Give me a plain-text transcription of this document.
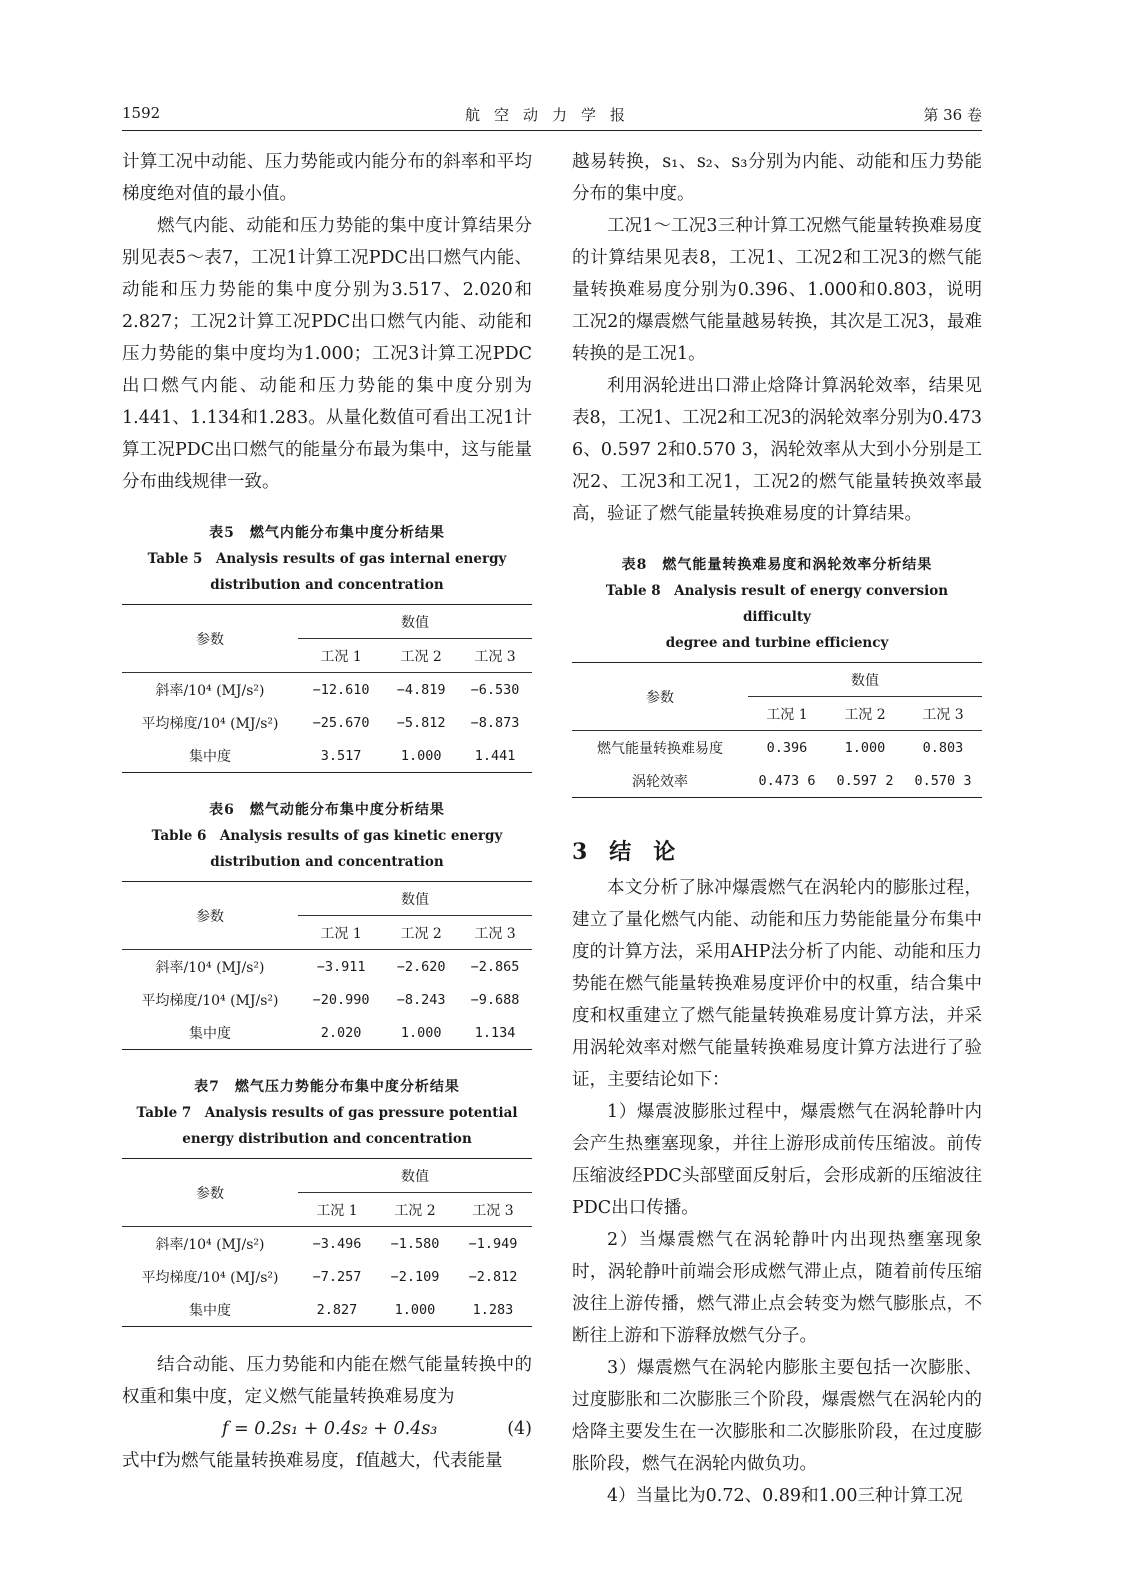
1592	航空动力学报	第 36 卷

计算工况中动能、压力势能或内能分布的斜率和平均梯度绝对值的最小值。

燃气内能、动能和压力势能的集中度计算结果分别见表5～表7，工况1计算工况PDC出口燃气内能、动能和压力势能的集中度分别为3.517、2.020和2.827；工况2计算工况PDC出口燃气内能、动能和压力势能的集中度均为1.000；工况3计算工况PDC出口燃气内能、动能和压力势能的集中度分别为1.441、1.134和1.283。从量化数值可看出工况1计算工况PDC出口燃气的能量分布最为集中，这与能量分布曲线规律一致。

表5　燃气内能分布集中度分析结果

Table 5　Analysis results of gas internal energy

distribution and concentration

参数	数值		
	工况 1	工况 2	工况 3
斜率/10⁴ (MJ/s²)	−12.610	−4.819	−6.530
平均梯度/10⁴ (MJ/s²)	−25.670	−5.812	−8.873
集中度	3.517	1.000	1.441

表6　燃气动能分布集中度分析结果

Table 6　Analysis results of gas kinetic energy

distribution and concentration

参数	数值		
	工况 1	工况 2	工况 3
斜率/10⁴ (MJ/s²)	−3.911	−2.620	−2.865
平均梯度/10⁴ (MJ/s²)	−20.990	−8.243	−9.688
集中度	2.020	1.000	1.134

表7　燃气压力势能分布集中度分析结果

Table 7　Analysis results of gas pressure potential

energy distribution and concentration

参数	数值		
	工况 1	工况 2	工况 3
斜率/10⁴ (MJ/s²)	−3.496	−1.580	−1.949
平均梯度/10⁴ (MJ/s²)	−7.257	−2.109	−2.812
集中度	2.827	1.000	1.283

结合动能、压力势能和内能在燃气能量转换中的权重和集中度，定义燃气能量转换难易度为

f = 0.2s₁ + 0.4s₂ + 0.4s₃	(4)

式中f为燃气能量转换难易度，f值越大，代表能量

越易转换，s₁、s₂、s₃分别为内能、动能和压力势能分布的集中度。

工况1～工况3三种计算工况燃气能量转换难易度的计算结果见表8，工况1、工况2和工况3的燃气能量转换难易度分别为0.396、1.000和0.803，说明工况2的爆震燃气能量越易转换，其次是工况3，最难转换的是工况1。

利用涡轮进出口滞止焓降计算涡轮效率，结果见表8，工况1、工况2和工况3的涡轮效率分别为0.473 6、0.597 2和0.570 3，涡轮效率从大到小分别是工况2、工况3和工况1，工况2的燃气能量转换效率最高，验证了燃气能量转换难易度的计算结果。

表8　燃气能量转换难易度和涡轮效率分析结果

Table 8　Analysis result of energy conversion difficulty

degree and turbine efficiency

参数	数值		
	工况 1	工况 2	工况 3
燃气能量转换难易度	0.396	1.000	0.803
涡轮效率	0.473 6	0.597 2	0.570 3

3　结　论

本文分析了脉冲爆震燃气在涡轮内的膨胀过程，建立了量化燃气内能、动能和压力势能能量分布集中度的计算方法，采用AHP法分析了内能、动能和压力势能在燃气能量转换难易度评价中的权重，结合集中度和权重建立了燃气能量转换难易度计算方法，并采用涡轮效率对燃气能量转换难易度计算方法进行了验证，主要结论如下：

1）爆震波膨胀过程中，爆震燃气在涡轮静叶内会产生热壅塞现象，并往上游形成前传压缩波。前传压缩波经PDC头部壁面反射后，会形成新的压缩波往PDC出口传播。

2）当爆震燃气在涡轮静叶内出现热壅塞现象时，涡轮静叶前端会形成燃气滞止点，随着前传压缩波往上游传播，燃气滞止点会转变为燃气膨胀点，不断往上游和下游释放燃气分子。

3）爆震燃气在涡轮内膨胀主要包括一次膨胀、过度膨胀和二次膨胀三个阶段，爆震燃气在涡轮内的焓降主要发生在一次膨胀和二次膨胀阶段，在过度膨胀阶段，燃气在涡轮内做负功。

4）当量比为0.72、0.89和1.00三种计算工况
